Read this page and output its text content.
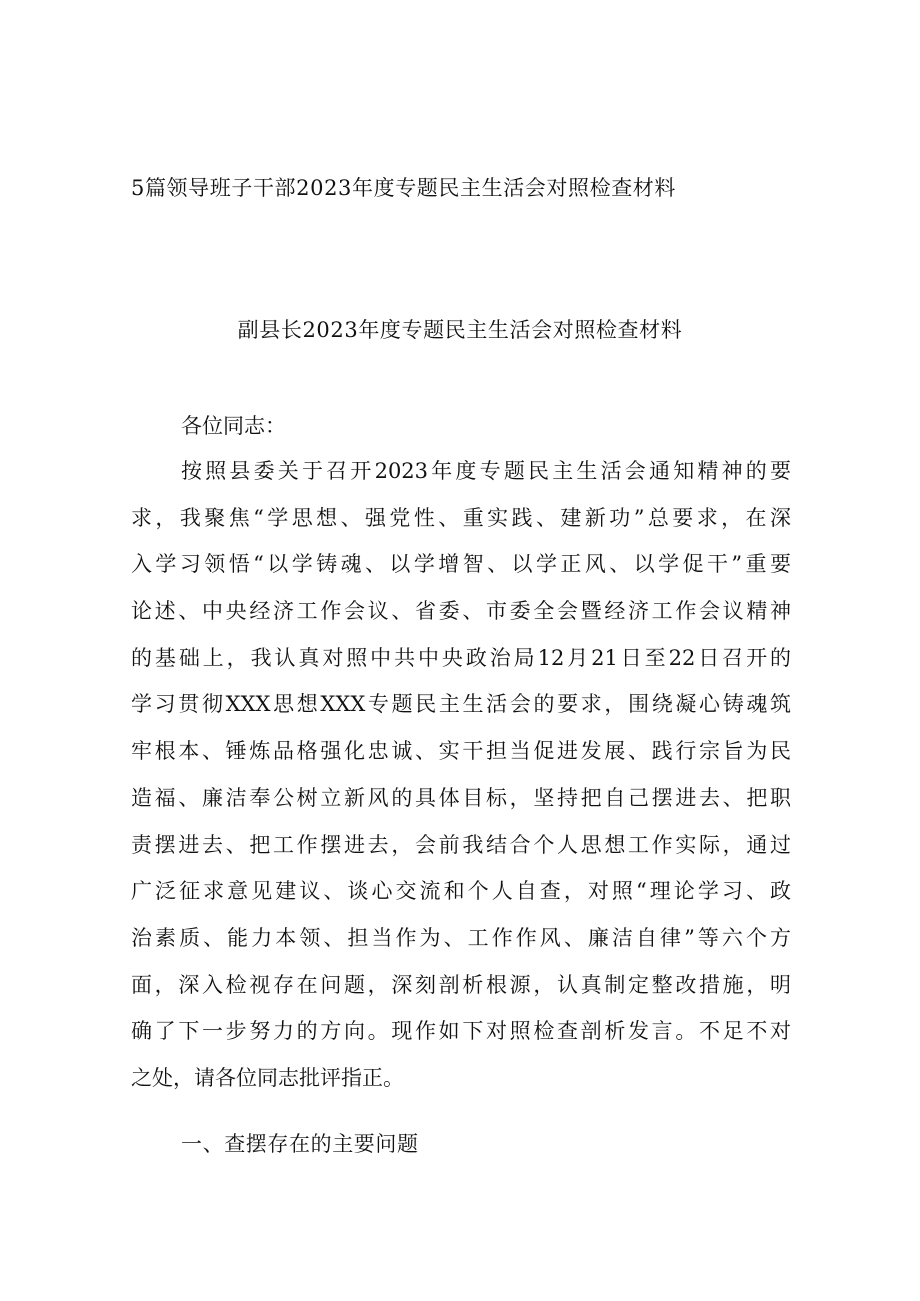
5篇领导班子干部2023年度专题民主生活会对照检查材料
副县长2023年度专题民主生活会对照检查材料
各位同志：
按照县委关于召开2023年度专题民主生活会通知精神的要
求，我聚焦“学思想、强党性、重实践、建新功”总要求，在深
入学习领悟“以学铸魂、以学增智、以学正风、以学促干”重要
论述、中央经济工作会议、省委、市委全会暨经济工作会议精神
的基础上，我认真对照中共中央政治局12月21日至22日召开的
学习贯彻XXX思想XXX专题民主生活会的要求，围绕凝心铸魂筑
牢根本、锤炼品格强化忠诚、实干担当促进发展、践行宗旨为民
造福、廉洁奉公树立新风的具体目标，坚持把自己摆进去、把职
责摆进去、把工作摆进去，会前我结合个人思想工作实际，通过
广泛征求意见建议、谈心交流和个人自查，对照“理论学习、政
治素质、能力本领、担当作为、工作作风、廉洁自律”等六个方
面，深入检视存在问题，深刻剖析根源，认真制定整改措施，明
确了下一步努力的方向。现作如下对照检查剖析发言。不足不对
之处，请各位同志批评指正。
一、查摆存在的主要问题
